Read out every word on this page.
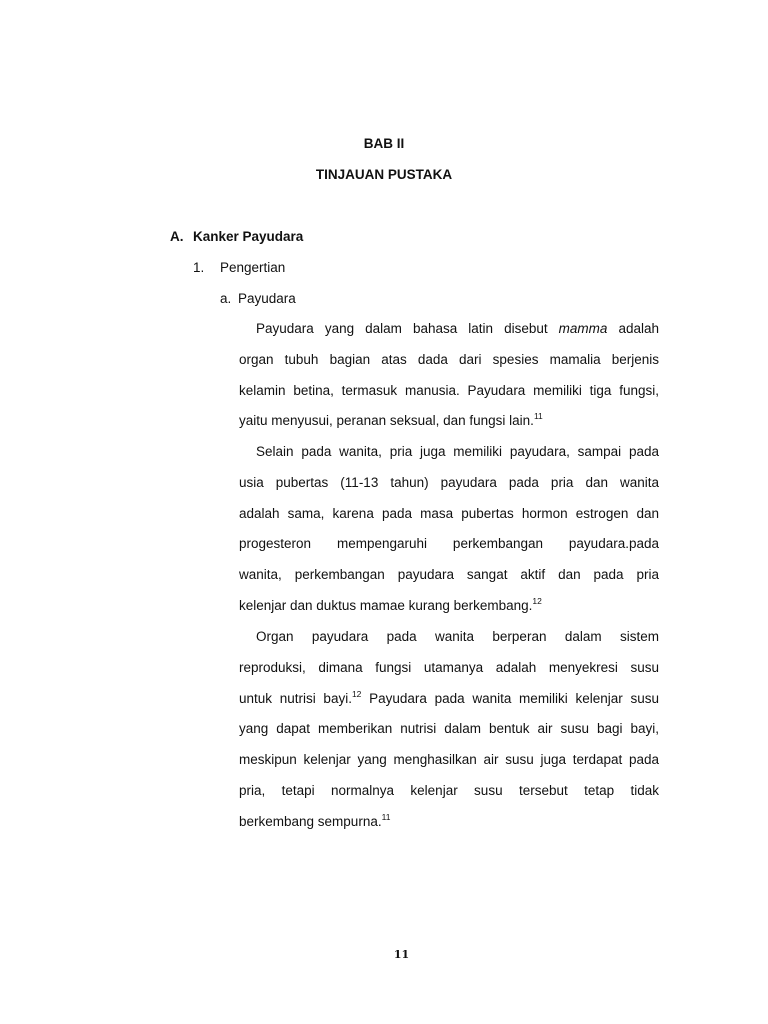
BAB II
TINJAUAN PUSTAKA
A. Kanker Payudara
1. Pengertian
a. Payudara
Payudara yang dalam bahasa latin disebut mamma adalah
organ tubuh bagian atas dada dari spesies mamalia berjenis
kelamin betina, termasuk manusia. Payudara memiliki tiga fungsi,
yaitu menyusui, peranan seksual, dan fungsi lain.$^{11}$
Selain pada wanita, pria juga memiliki payudara, sampai pada
usia pubertas (11-13 tahun) payudara pada pria dan wanita
adalah sama, karena pada masa pubertas hormon estrogen dan
progesteron mempengaruhi perkembangan payudara.pada
wanita, perkembangan payudara sangat aktif dan pada pria
kelenjar dan duktus mamae kurang berkembang.$^{12}$
Organ payudara pada wanita berperan dalam sistem
reproduksi, dimana fungsi utamanya adalah menyekresi susu
untuk nutrisi bayi.$^{12}$ Payudara pada wanita memiliki kelenjar susu
yang dapat memberikan nutrisi dalam bentuk air susu bagi bayi,
meskipun kelenjar yang menghasilkan air susu juga terdapat pada
pria, tetapi normalnya kelenjar susu tersebut tetap tidak
berkembang sempurna.$^{11}$
11
